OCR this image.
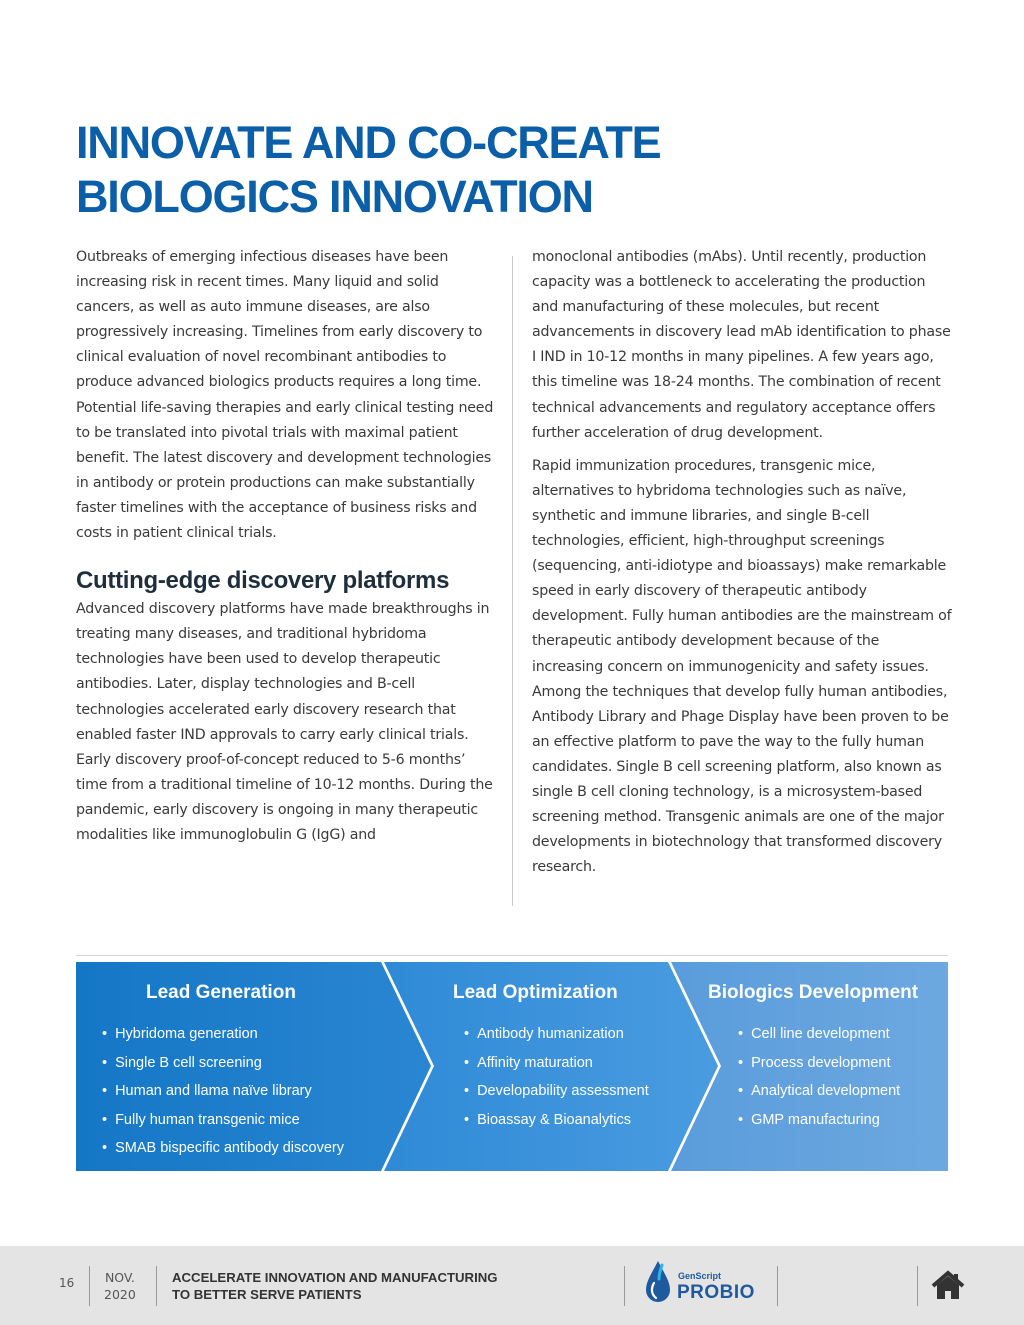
INNOVATE AND CO-CREATE
BIOLOGICS INNOVATION

Outbreaks of emerging infectious diseases have been increasing risk in recent times. Many liquid and solid cancers, as well as auto immune diseases, are also progressively increasing. Timelines from early discovery to clinical evaluation of novel recombinant antibodies to produce advanced biologics products requires a long time. Potential life-saving therapies and early clinical testing need to be translated into pivotal trials with maximal patient benefit. The latest discovery and development technologies in antibody or protein productions can make substantially faster timelines with the acceptance of business risks and costs in patient clinical trials.

Cutting-edge discovery platforms

Advanced discovery platforms have made breakthroughs in treating many diseases, and traditional hybridoma technologies have been used to develop therapeutic antibodies. Later, display technologies and B-cell technologies accelerated early discovery research that enabled faster IND approvals to carry early clinical trials. Early discovery proof-of-concept reduced to 5-6 months’ time from a traditional timeline of 10-12 months. During the pandemic, early discovery is ongoing in many therapeutic modalities like immunoglobulin G (IgG) and

monoclonal antibodies (mAbs). Until recently, production capacity was a bottleneck to accelerating the production and manufacturing of these molecules, but recent advancements in discovery lead mAb identification to phase I IND in 10-12 months in many pipelines. A few years ago, this timeline was 18-24 months. The combination of recent technical advancements and regulatory acceptance offers further acceleration of drug development.

Rapid immunization procedures, transgenic mice, alternatives to hybridoma technologies such as naïve, synthetic and immune libraries, and single B-cell technologies, efficient, high-throughput screenings (sequencing, anti-idiotype and bioassays) make remarkable speed in early discovery of therapeutic antibody development. Fully human antibodies are the mainstream of therapeutic antibody development because of the increasing concern on immunogenicity and safety issues. Among the techniques that develop fully human antibodies, Antibody Library and Phage Display have been proven to be an effective platform to pave the way to the fully human candidates. Single B cell screening platform, also known as single B cell cloning technology, is a microsystem-based screening method. Transgenic animals are one of the major developments in biotechnology that transformed discovery research.

Lead Generation
• Hybridoma generation
• Single B cell screening
• Human and llama naïve library
• Fully human transgenic mice
• SMAB bispecific antibody discovery
Lead Optimization
• Antibody humanization
• Affinity maturation
• Developability assessment
• Bioassay & Bioanalytics
Biologics Development
• Cell line development
• Process development
• Analytical development
• GMP manufacturing
16 NOV.
2020
ACCELERATE INNOVATION AND MANUFACTURING
TO BETTER SERVE PATIENTS
GenScript
PROBIO
